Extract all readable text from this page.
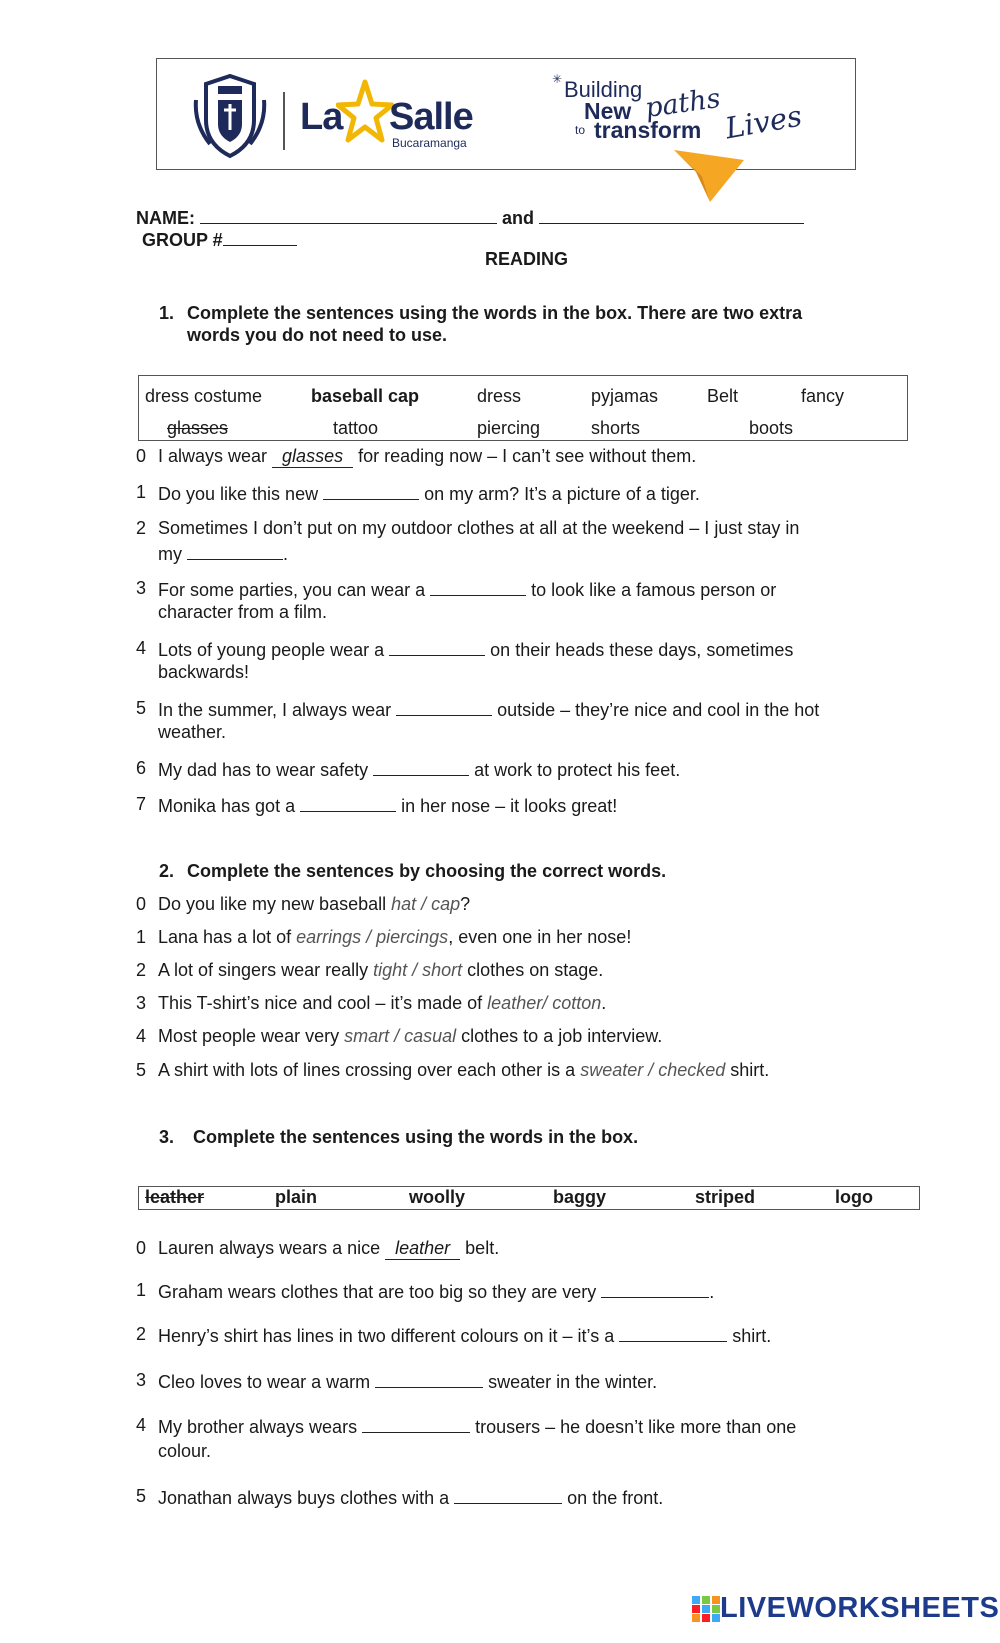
La Salle
Bucaramanga
✳ Building
New paths
to transform Lives
NAME:	and
GROUP #
READING
1. Complete the sentences using the words in the box. There are two extra
words you do not need to use.
dress costume	baseball cap	dress	pyjamas	Belt	fancy
glasses	tattoo	piercing	shorts	boots
0 I always wear glasses for reading now – I can’t see without them.
1 Do you like this new	on my arm? It’s a picture of a tiger.
2 Sometimes I don’t put on my outdoor clothes at all at the weekend – I just stay in
my	.
3 For some parties, you can wear a	to look like a famous person or
character from a film.
4 Lots of young people wear a	on their heads these days, sometimes
backwards!
5 In the summer, I always wear	outside – they’re nice and cool in the hot
weather.
6 My dad has to wear safety	at work to protect his feet.
7 Monika has got a	in her nose – it looks great!
2. Complete the sentences by choosing the correct words.
0 Do you like my new baseball hat / cap?
1 Lana has a lot of earrings / piercings, even one in her nose!
2 A lot of singers wear really tight / short clothes on stage.
3 This T-shirt’s nice and cool – it’s made of leather/ cotton.
4 Most people wear very smart / casual clothes to a job interview.
5 A shirt with lots of lines crossing over each other is a sweater / checked shirt.
3. Complete the sentences using the words in the box.
leather	plain	woolly	baggy	striped	logo
0 Lauren always wears a nice leather belt.
1 Graham wears clothes that are too big so they are very	.
2 Henry’s shirt has lines in two different colours on it – it’s a	shirt.
3 Cleo loves to wear a warm	sweater in the winter.
4 My brother always wears	trousers – he doesn’t like more than one
colour.
5 Jonathan always buys clothes with a	on the front.
LIVEWORKSHEETS
